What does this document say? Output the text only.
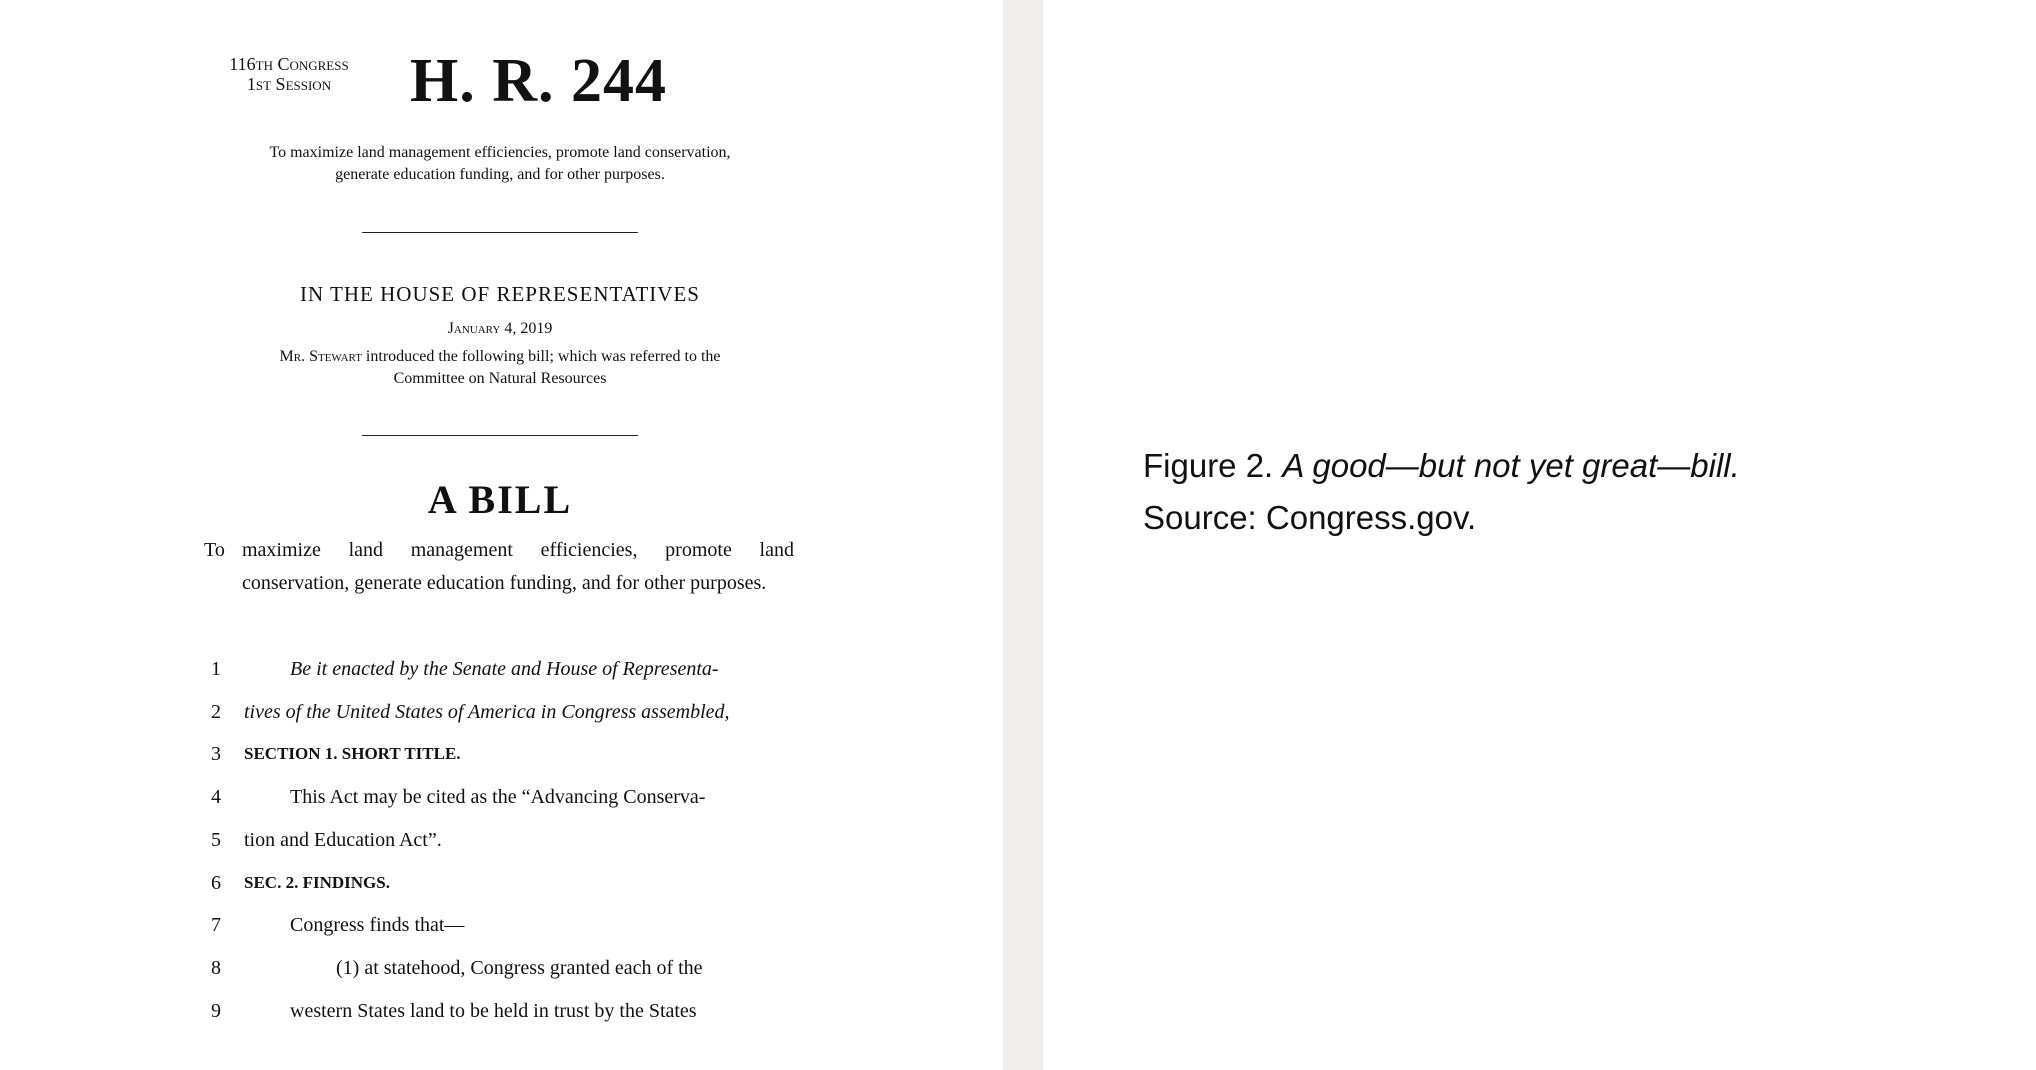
116th Congress
1st Session	H. R. 244
To maximize land management efficiencies, promote land conservation,
generate education funding, and for other purposes.
IN THE HOUSE OF REPRESENTATIVES
January 4, 2019
Mr. Stewart introduced the following bill; which was referred to the
Committee on Natural Resources
A BILL
To maximize land management efficiencies, promote land
conservation, generate education funding, and for other purposes.
1	Be it enacted by the Senate and House of Representa-
2 tives of the United States of America in Congress assembled,
3 SECTION 1. SHORT TITLE.
4	This Act may be cited as the “Advancing Conserva-
5 tion and Education Act”.
6 SEC. 2. FINDINGS.
7	Congress finds that—
8	(1) at statehood, Congress granted each of the
9	western States land to be held in trust by the States
Figure 2. A good—but not yet great—bill.
Source: Congress.gov.
